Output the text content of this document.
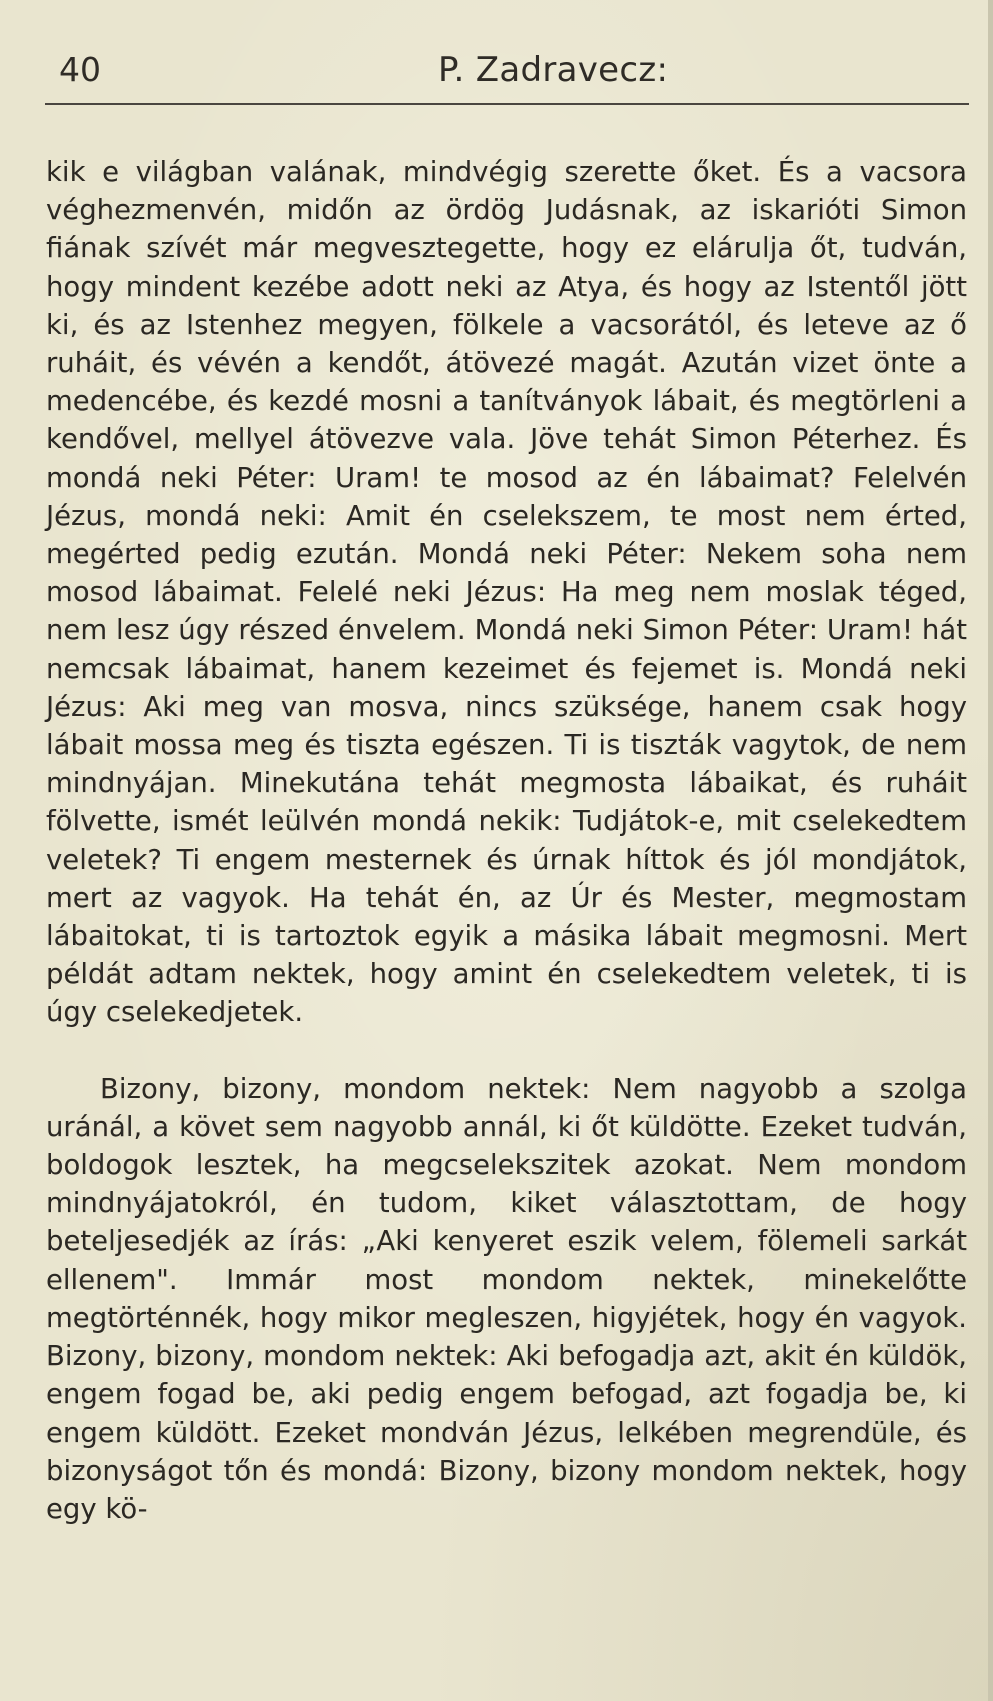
40	P. Zadravecz:

kik e világban valának, mindvégig szerette őket. És a vacsora véghezmenvén, midőn az ördög Judásnak, az iskarióti Simon fiának szívét már megvesztegette, hogy ez elárulja őt, tudván, hogy mindent kezébe adott neki az Atya, és hogy az Istentől jött ki, és az Istenhez megyen, fölkele a vacsorától, és leteve az ő ruháit, és vévén a kendőt, átövezé magát. Azután vizet önte a medencébe, és kezdé mosni a tanítványok lábait, és megtörleni a kendővel, mellyel átövezve vala. Jöve tehát Simon Péterhez. És mondá neki Péter: Uram! te mosod az én lábaimat? Felelvén Jézus, mondá neki: Amit én cselekszem, te most nem érted, megérted pedig ezután. Mondá neki Péter: Nekem soha nem mosod lábaimat. Felelé neki Jézus: Ha meg nem moslak téged, nem lesz úgy részed énvelem. Mondá neki Simon Péter: Uram! hát nemcsak lábaimat, hanem kezeimet és fejemet is. Mondá neki Jézus: Aki meg van mosva, nincs szüksége, hanem csak hogy lábait mossa meg és tiszta egészen. Ti is tiszták vagytok, de nem mindnyájan. Minekutána tehát megmosta lábaikat, és ruháit fölvette, ismét leülvén mondá nekik: Tudjátok-e, mit cselekedtem veletek? Ti engem mesternek és úrnak híttok és jól mondjátok, mert az vagyok. Ha tehát én, az Úr és Mester, megmostam lábaitokat, ti is tartoztok egyik a másika lábait megmosni. Mert példát adtam nektek, hogy amint én cselekedtem veletek, ti is úgy cselekedjetek.

Bizony, bizony, mondom nektek: Nem nagyobb a szolga uránál, a követ sem nagyobb annál, ki őt küldötte. Ezeket tudván, boldogok lesztek, ha megcselekszitek azokat. Nem mondom mindnyájatokról, én tudom, kiket választottam, de hogy beteljesedjék az írás: „Aki kenyeret eszik velem, fölemeli sarkát ellenem". Immár most mondom nektek, minekelőtte megtörténnék, hogy mikor megleszen, higyjétek, hogy én vagyok. Bizony, bizony, mondom nektek: Aki befogadja azt, akit én küldök, engem fogad be, aki pedig engem befogad, azt fogadja be, ki engem küldött. Ezeket mondván Jézus, lelkében megrendüle, és bizonyságot tőn és mondá: Bizony, bizony mondom nektek, hogy egy kö-
